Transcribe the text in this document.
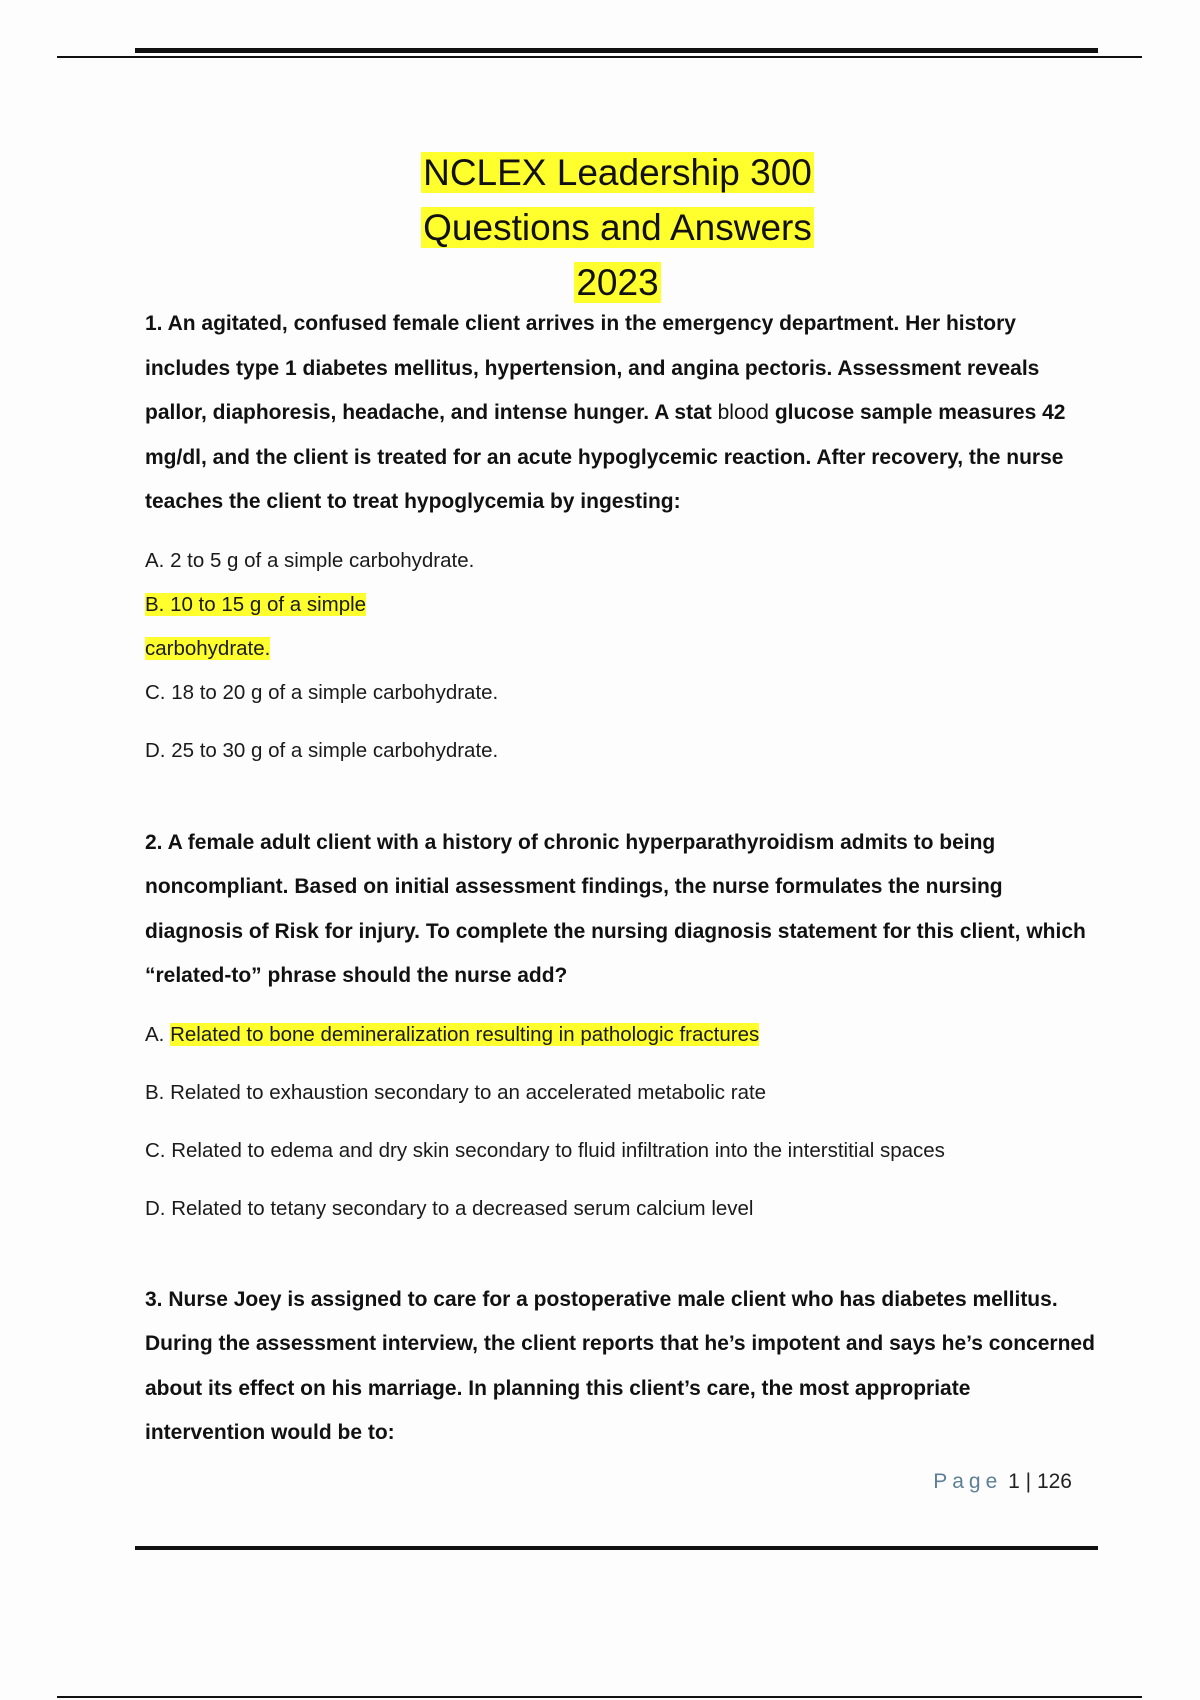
NCLEX Leadership 300
Questions and Answers
2023

1. An agitated, confused female client arrives in the emergency department. Her history includes type 1 diabetes mellitus, hypertension, and angina pectoris. Assessment reveals pallor, diaphoresis, headache, and intense hunger. A stat blood glucose sample measures 42 mg/dl, and the client is treated for an acute hypoglycemic reaction. After recovery, the nurse teaches the client to treat hypoglycemia by ingesting:

A. 2 to 5 g of a simple carbohydrate.

B. 10 to 15 g of a simple
carbohydrate.

C. 18 to 20 g of a simple carbohydrate.

D. 25 to 30 g of a simple carbohydrate.

2. A female adult client with a history of chronic hyperparathyroidism admits to being noncompliant. Based on initial assessment findings, the nurse formulates the nursing diagnosis of Risk for injury. To complete the nursing diagnosis statement for this client, which “related-to” phrase should the nurse add?

A. Related to bone demineralization resulting in pathologic fractures

B. Related to exhaustion secondary to an accelerated metabolic rate

C. Related to edema and dry skin secondary to fluid infiltration into the interstitial spaces

D. Related to tetany secondary to a decreased serum calcium level

3. Nurse Joey is assigned to care for a postoperative male client who has diabetes mellitus. During the assessment interview, the client reports that he’s impotent and says he’s concerned about its effect on his marriage. In planning this client’s care, the most appropriate intervention would be to:

Page 1 | 126
